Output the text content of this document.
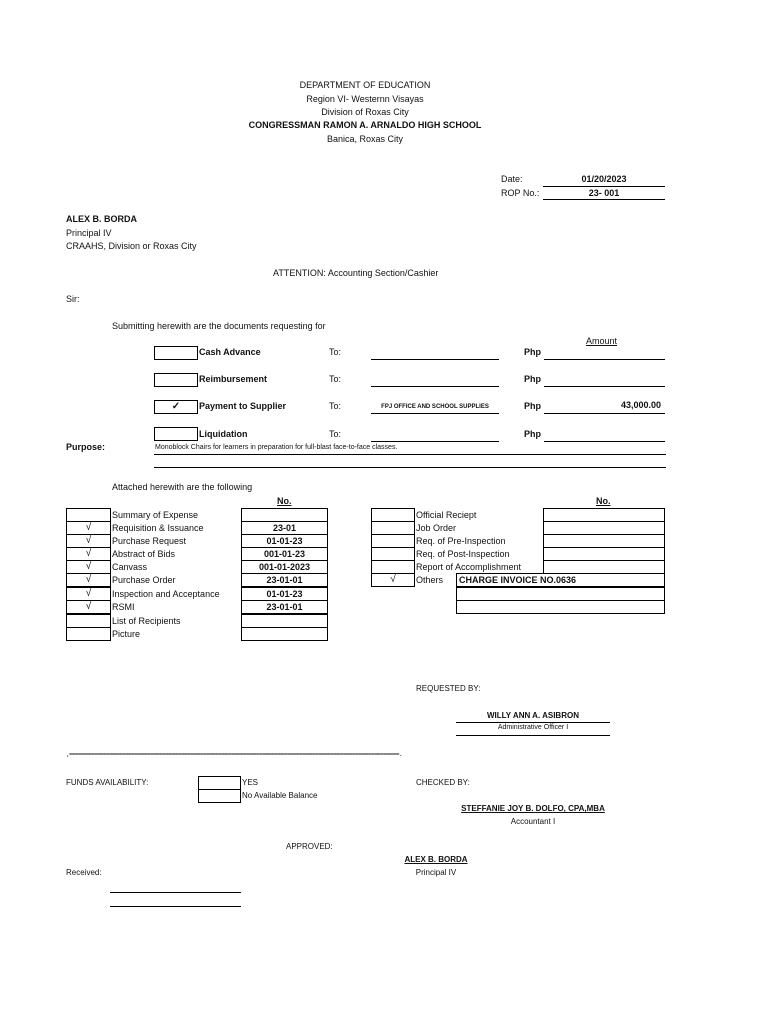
DEPARTMENT OF EDUCATION
Region VI- Westernn Visayas
Division of Roxas City
CONGRESSMAN RAMON A. ARNALDO HIGH SCHOOL
Banica, Roxas City
Date:	01/20/2023
ROP No.:	23- 001
ALEX B. BORDA
Principal IV
CRAAHS, Division or Roxas City
ATTENTION: Accounting Section/Cashier
Sir:
Submitting herewith are the documents requesting for
Amount
Cash Advance	To:	Php
Reimbursement	To:	Php
✓	Payment to Supplier	To:	FPJ OFFICE AND SCHOOL SUPPLIES	Php	43,000.00
Liquidation	To:	Php
Purpose:	Monoblock Chairs for learners in preparation for full-blast face-to-face classes.
Attached herewith are the following
No.	No.
Summary of Expense
√	Requisition & Issuance	23-01
√	Purchase Request	01-01-23
√	Abstract of Bids	001-01-23
√	Canvass	001-01-2023
√	Purchase Order	23-01-01
√	Inspection and Acceptance	01-01-23
√	RSMI	23-01-01
List of Recipients
Picture
Official Reciept
Job Order
Req. of Pre-Inspection
Req. of Post-Inspection
Report of Accomplishment
√	Others	CHARGE INVOICE NO.0636
REQUESTED BY:
WILLY ANN A. ASIBRON
Administrative Officer I
,==========================================================================================================.
FUNDS AVAILABILITY:	YES
No Available Balance
CHECKED BY:
STEFFANIE JOY B. DOLFO, CPA,MBA
Accountant I
APPROVED:
ALEX B. BORDA
Principal IV
Received:
